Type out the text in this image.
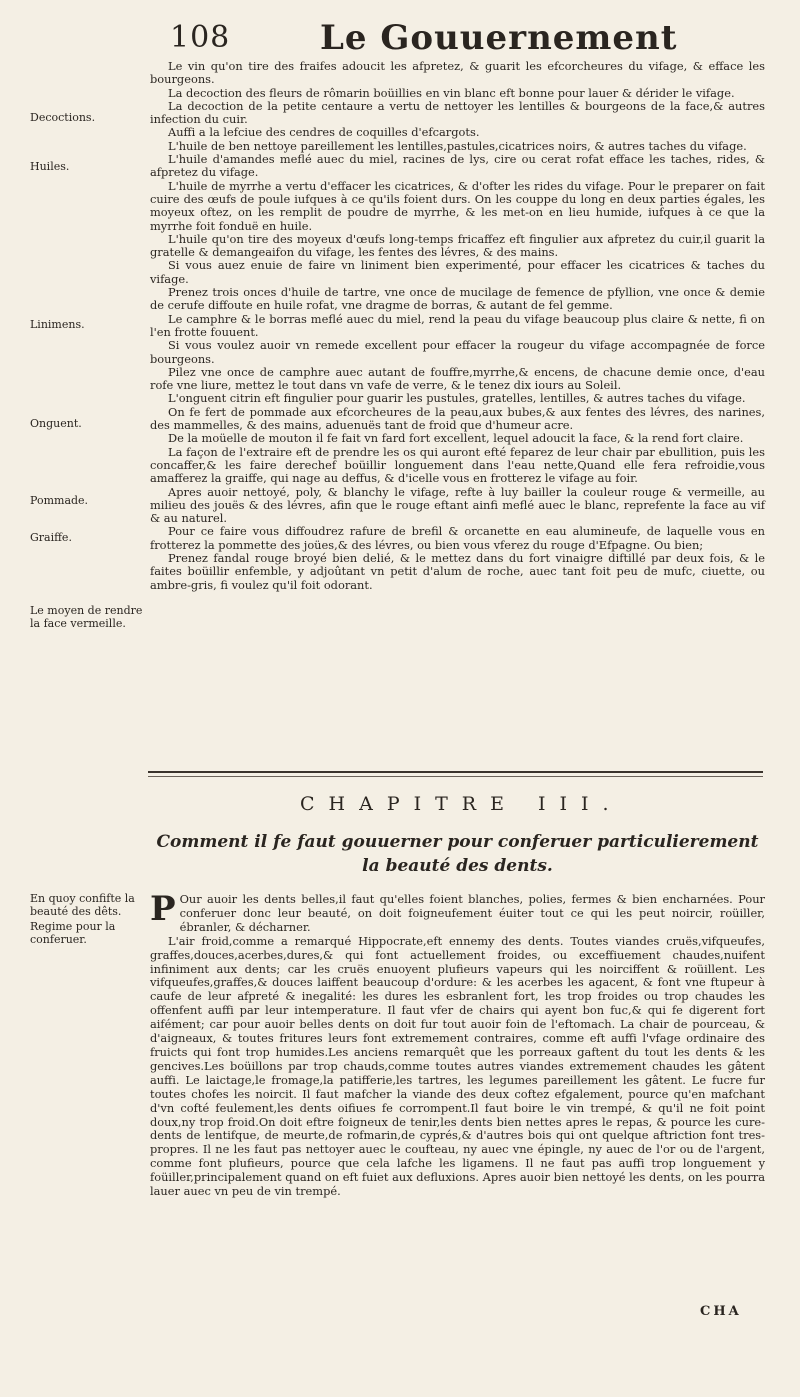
108	Le Gouuernement
Decoctions.
Huiles.
Linimens.
Onguent.
Pommade.
Graiffe.
Le moyen de rendre la face vermeille.
En quoy confifte la beauté des dêts.
Regime pour la conferuer.

Le vin qu'on tire des fraifes adoucit les afpretez, & guarit les efcorcheures du vifage, & efface les bourgeons.

La decoction des fleurs de rômarin boüillies en vin blanc eft bonne pour lauer & dérider le vifage.

La decoction de la petite centaure a vertu de nettoyer les lentilles & bourgeons de la face,& autres infection du cuir.

Auffi a la lefciue des cendres de coquilles d'efcargots.

L'huile de ben nettoye pareillement les lentilles,pastules,cicatrices noirs, & autres taches du vifage.

L'huile d'amandes meflé auec du miel, racines de lys, cire ou cerat rofat efface les taches, rides, & afpretez du vifage.

L'huile de myrrhe a vertu d'effacer les cicatrices, & d'ofter les rides du vifage. Pour le preparer on fait cuire des œufs de poule iufques à ce qu'ils foient durs. On les couppe du long en deux parties égales, les moyeux oftez, on les remplit de poudre de myrrhe, & les met-on en lieu humide, iufques à ce que la myrrhe foit fonduë en huile.

L'huile qu'on tire des moyeux d'œufs long-temps fricaffez eft fingulier aux afpretez du cuir,il guarit la gratelle & demangeaifon du vifage, les fentes des lévres, & des mains.

Si vous auez enuie de faire vn liniment bien experimenté, pour effacer les cicatrices & taches du vifage.

Prenez trois onces d'huile de tartre, vne once de mucilage de femence de pfyllion, vne once & demie de cerufe diffoute en huile rofat, vne dragme de borras, & autant de fel gemme.

Le camphre & le borras meflé auec du miel, rend la peau du vifage beaucoup plus claire & nette, fi on l'en frotte fouuent.

Si vous voulez auoir vn remede excellent pour effacer la rougeur du vifage accompagnée de force bourgeons.

Pilez vne once de camphre auec autant de fouffre,myrrhe,& encens, de chacune demie once, d'eau rofe vne liure, mettez le tout dans vn vafe de verre, & le tenez dix iours au Soleil.

L'onguent citrin eft fingulier pour guarir les pustules, gratelles, lentilles, & autres taches du vifage.

On fe fert de pommade aux efcorcheures de la peau,aux bubes,& aux fentes des lévres, des narines, des mammelles, & des mains, aduenuës tant de froid que d'humeur acre.

De la moüelle de mouton il fe fait vn fard fort excellent, lequel adoucit la face, & la rend fort claire.

La façon de l'extraire eft de prendre les os qui auront efté feparez de leur chair par ebullition, puis les concaffer,& les faire derechef boüillir longuement dans l'eau nette,Quand elle fera refroidie,vous amafferez la graiffe, qui nage au deffus, & d'icelle vous en frotterez le vifage au foir.

Apres auoir nettoyé, poly, & blanchy le vifage, refte à luy bailler la couleur rouge & vermeille, au milieu des jouës & des lévres, afin que le rouge eftant ainfi meflé auec le blanc, reprefente la face au vif & au naturel.

Pour ce faire vous diffoudrez rafure de brefil & orcanette en eau alumineufe, de laquelle vous en frotterez la pommette des joües,& des lévres, ou bien vous vferez du rouge d'Efpagne. Ou bien;

Prenez fandal rouge broyé bien delié, & le mettez dans du fort vinaigre diftillé par deux fois, & le faites boüillir enfemble, y adjoûtant vn petit d'alum de roche, auec tant foit peu de mufc, ciuette, ou ambre-gris, fi voulez qu'il foit odorant.

CHAPITRE III.
Comment il fe faut gouuerner pour conferuer particulierement
la beauté des dents.

P Our auoir les dents belles,il faut qu'elles foient blanches, polies, fermes & bien encharnées. Pour conferuer donc leur beauté, on doit foigneufement éuiter tout ce qui les peut noircir, roüiller, ébranler, & décharner.

L'air froid,comme a remarqué Hippocrate,eft ennemy des dents. Toutes viandes cruës,vifqueufes, graffes,douces,acerbes,dures,& qui font actuellement froides, ou exceffiuement chaudes,nuifent infiniment aux dents; car les cruës enuoyent plufieurs vapeurs qui les noirciffent & roüillent. Les vifqueufes,graffes,& douces laiffent beaucoup d'ordure: & les acerbes les agacent, & font vne ftupeur à caufe de leur afpreté & inegalité: les dures les esbranlent fort, les trop froides ou trop chaudes les offenfent auffi par leur intemperature. Il faut vfer de chairs qui ayent bon fuc,& qui fe digerent fort aifément; car pour auoir belles dents on doit fur tout auoir foin de l'eftomach. La chair de pourceau, & d'aigneaux, & toutes fritures leurs font extremement contraires, comme eft auffi l'vfage ordinaire des fruicts qui font trop humides.Les anciens remarquêt que les porreaux gaftent du tout les dents & les gencives.Les boüillons par trop chauds,comme toutes autres viandes extremement chaudes les gâtent auffi. Le laictage,le fromage,la patifferie,les tartres, les legumes pareillement les gâtent. Le fucre fur toutes chofes les noircit. Il faut mafcher la viande des deux coftez efgalement, pource qu'en mafchant d'vn cofté feulement,les dents oifiues fe corrompent.Il faut boire le vin trempé, & qu'il ne foit point doux,ny trop froid.On doit eftre foigneux de tenir,les dents bien nettes apres le repas, & pource les cure-dents de lentifque, de meurte,de rofmarin,de cyprés,& d'autres bois qui ont quelque aftriction font tres-propres. Il ne les faut pas nettoyer auec le coufteau, ny auec vne épingle, ny auec de l'or ou de l'argent, comme font plufieurs, pource que cela lafche les ligamens. Il ne faut pas auffi trop longuement y foüiller,principalement quand on eft fuiet aux defluxions. Apres auoir bien nettoyé les dents, on les pourra lauer auec vn peu de vin trempé.

CHA
